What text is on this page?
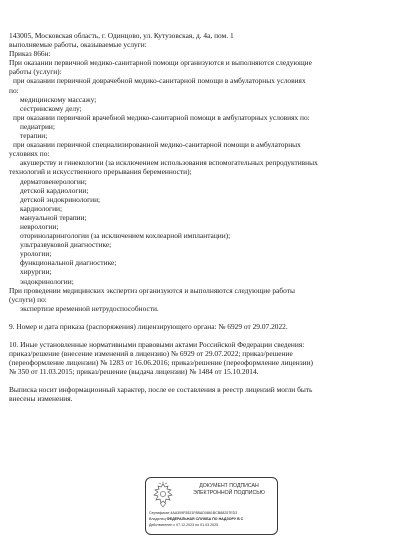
143005, Московская область, г. Одинцово, ул. Кутузовская, д. 4а, пом. 1
выполняемые работы, оказываемые услуги:
Приказ 866н:
При оказании первичной медико-санитарной помощи организуются и выполняются следующие
работы (услуги):
при оказании первичной доврачебной медико-санитарной помощи в амбулаторных условиях
по:
медицинскому массажу;
сестринскому делу;
при оказании первичной врачебной медико-санитарной помощи в амбулаторных условиях по:
педиатрии;
терапии;
при оказании первичной специализированной медико-санитарной помощи в амбулаторных
условиях по:
акушерству и гинекологии (за исключением использования вспомогательных репродуктивных
технологий и искусственного прерывания беременности);
дерматовенерологии;
детской кардиологии;
детской эндокринологии;
кардиологии;
мануальной терапии;
неврологии;
оториноларингологии (за исключением кохлеарной имплантации);
ультразвуковой диагностике;
урологии;
функциональной диагностике;
хирургии;
эндокринологии;
При проведении медицинских экспертиз организуются и выполняются следующие работы
(услуги) по:
экспертизе временной нетрудоспособности.
9. Номер и дата приказа (распоряжения) лицензирующего органа: № 6929 от 29.07.2022.
10. Иные установленные нормативными правовыми актами Российской Федерации сведения:
приказ/решение (внесение изменений в лицензию) № 6929 от 29.07.2022; приказ/решение
(переоформление лицензии) № 1283 от 16.06.2016; приказ/решение (переоформление лицензии)
№ 350 от 11.03.2015; приказ/решение (выдача лицензии) № 1484 от 15.10.2014.
Выписка носит информационный характер, после ее составления в реестр лицензий могли быть
внесены изменения.
ДОКУМЕНТ ПОДПИСАН
ЭЛЕКТРОННОЙ ПОДПИСЬЮ
Сертификат 4AA309F5521F8BAD0861BCB88257ED3
Владелец ФЕДЕРАЛЬНАЯ СЛУЖБА ПО НАДЗОРУ В С
Действителен с 07.12.2023 по 01.03.2025
